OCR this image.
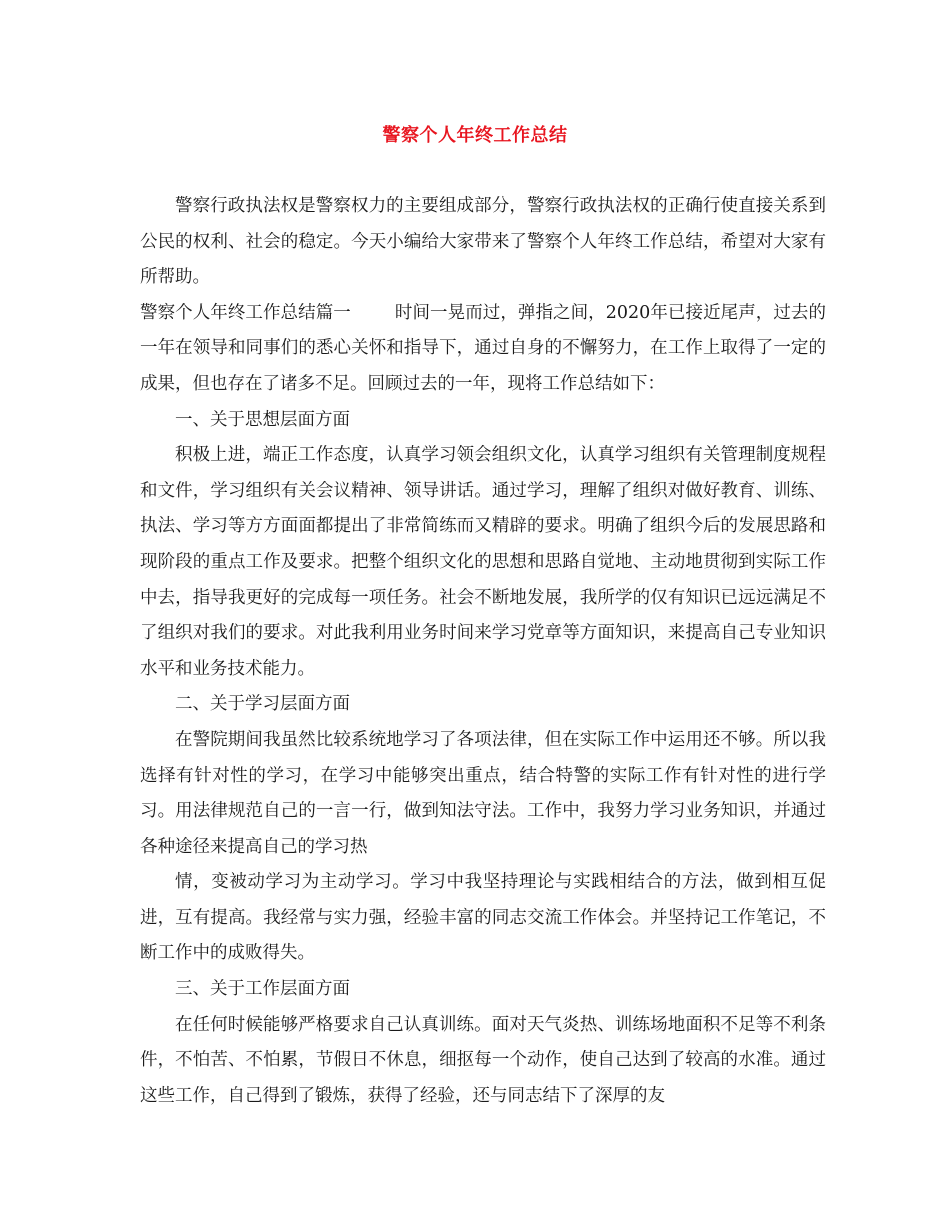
警察个人年终工作总结

警察行政执法权是警察权力的主要组成部分，警察行政执法权的正确行使直接关系到公民的权利、社会的稳定。今天小编给大家带来了警察个人年终工作总结，希望对大家有所帮助。

警察个人年终工作总结篇一	时间一晃而过，弹指之间，2020年已接近尾声，过去的一年在领导和同事们的悉心关怀和指导下，通过自身的不懈努力，在工作上取得了一定的成果，但也存在了诸多不足。回顾过去的一年，现将工作总结如下：

一、关于思想层面方面

积极上进，端正工作态度，认真学习领会组织文化，认真学习组织有关管理制度规程和文件，学习组织有关会议精神、领导讲话。通过学习，理解了组织对做好教育、训练、执法、学习等方方面面都提出了非常简练而又精辟的要求。明确了组织今后的发展思路和现阶段的重点工作及要求。把整个组织文化的思想和思路自觉地、主动地贯彻到实际工作中去，指导我更好的完成每一项任务。社会不断地发展，我所学的仅有知识已远远满足不了组织对我们的要求。对此我利用业务时间来学习党章等方面知识，来提高自己专业知识水平和业务技术能力。

二、关于学习层面方面

在警院期间我虽然比较系统地学习了各项法律，但在实际工作中运用还不够。所以我选择有针对性的学习，在学习中能够突出重点，结合特警的实际工作有针对性的进行学习。用法律规范自己的一言一行，做到知法守法。工作中，我努力学习业务知识，并通过各种途径来提高自己的学习热

情，变被动学习为主动学习。学习中我坚持理论与实践相结合的方法，做到相互促进，互有提高。我经常与实力强，经验丰富的同志交流工作体会。并坚持记工作笔记，不断工作中的成败得失。

三、关于工作层面方面

在任何时候能够严格要求自己认真训练。面对天气炎热、训练场地面积不足等不利条件，不怕苦、不怕累，节假日不休息，细抠每一个动作，使自己达到了较高的水准。通过这些工作，自己得到了锻炼，获得了经验，还与同志结下了深厚的友
